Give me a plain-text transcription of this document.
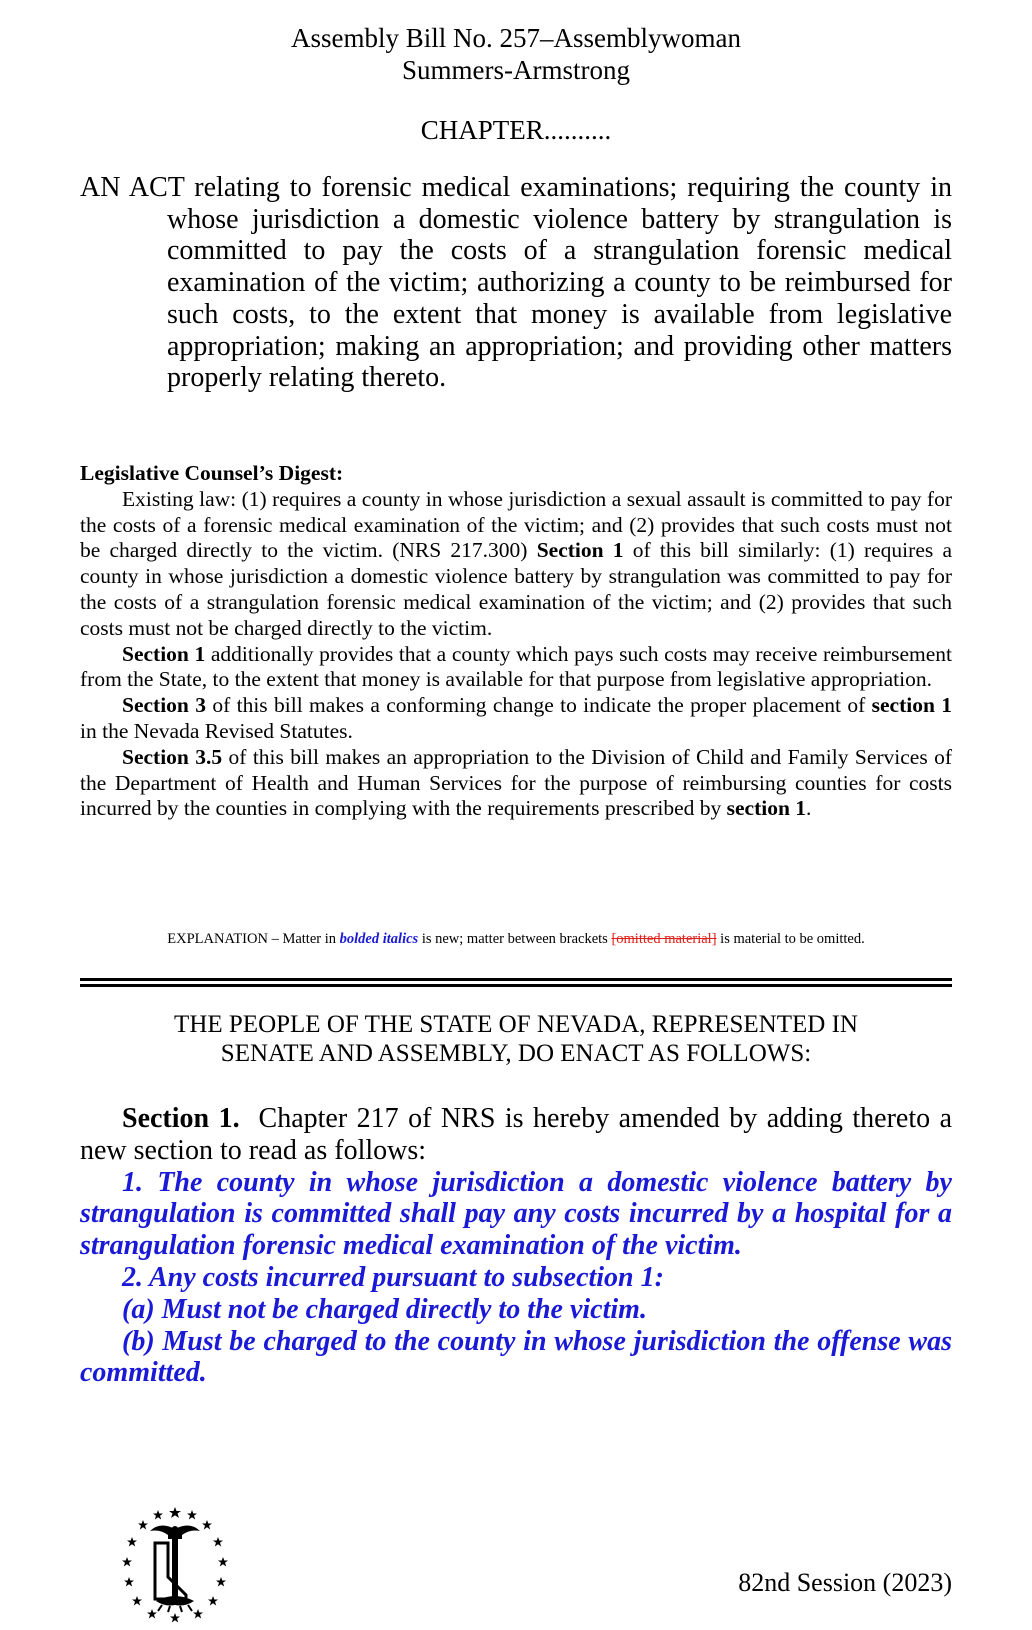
Assembly Bill No. 257–Assemblywoman
Summers-Armstrong
CHAPTER..........
AN ACT relating to forensic medical examinations; requiring the county in whose jurisdiction a domestic violence battery by strangulation is committed to pay the costs of a strangulation forensic medical examination of the victim; authorizing a county to be reimbursed for such costs, to the extent that money is available from legislative appropriation; making an appropriation; and providing other matters properly relating thereto.
Legislative Counsel’s Digest:

Existing law: (1) requires a county in whose jurisdiction a sexual assault is committed to pay for the costs of a forensic medical examination of the victim; and (2) provides that such costs must not be charged directly to the victim. (NRS 217.300) Section 1 of this bill similarly: (1) requires a county in whose jurisdiction a domestic violence battery by strangulation was committed to pay for the costs of a strangulation forensic medical examination of the victim; and (2) provides that such costs must not be charged directly to the victim.

Section 1 additionally provides that a county which pays such costs may receive reimbursement from the State, to the extent that money is available for that purpose from legislative appropriation.

Section 3 of this bill makes a conforming change to indicate the proper placement of section 1 in the Nevada Revised Statutes.

Section 3.5 of this bill makes an appropriation to the Division of Child and Family Services of the Department of Health and Human Services for the purpose of reimbursing counties for costs incurred by the counties in complying with the requirements prescribed by section 1.

EXPLANATION – Matter in bolded italics is new; matter between brackets [omitted material] is material to be omitted.
THE PEOPLE OF THE STATE OF NEVADA, REPRESENTED IN
SENATE AND ASSEMBLY, DO ENACT AS FOLLOWS:

Section 1. Chapter 217 of NRS is hereby amended by adding thereto a new section to read as follows:

1. The county in whose jurisdiction a domestic violence battery by strangulation is committed shall pay any costs incurred by a hospital for a strangulation forensic medical examination of the victim.

2. Any costs incurred pursuant to subsection 1:

(a) Must not be charged directly to the victim.

(b) Must be charged to the county in whose jurisdiction the offense was committed.

82nd Session (2023)
